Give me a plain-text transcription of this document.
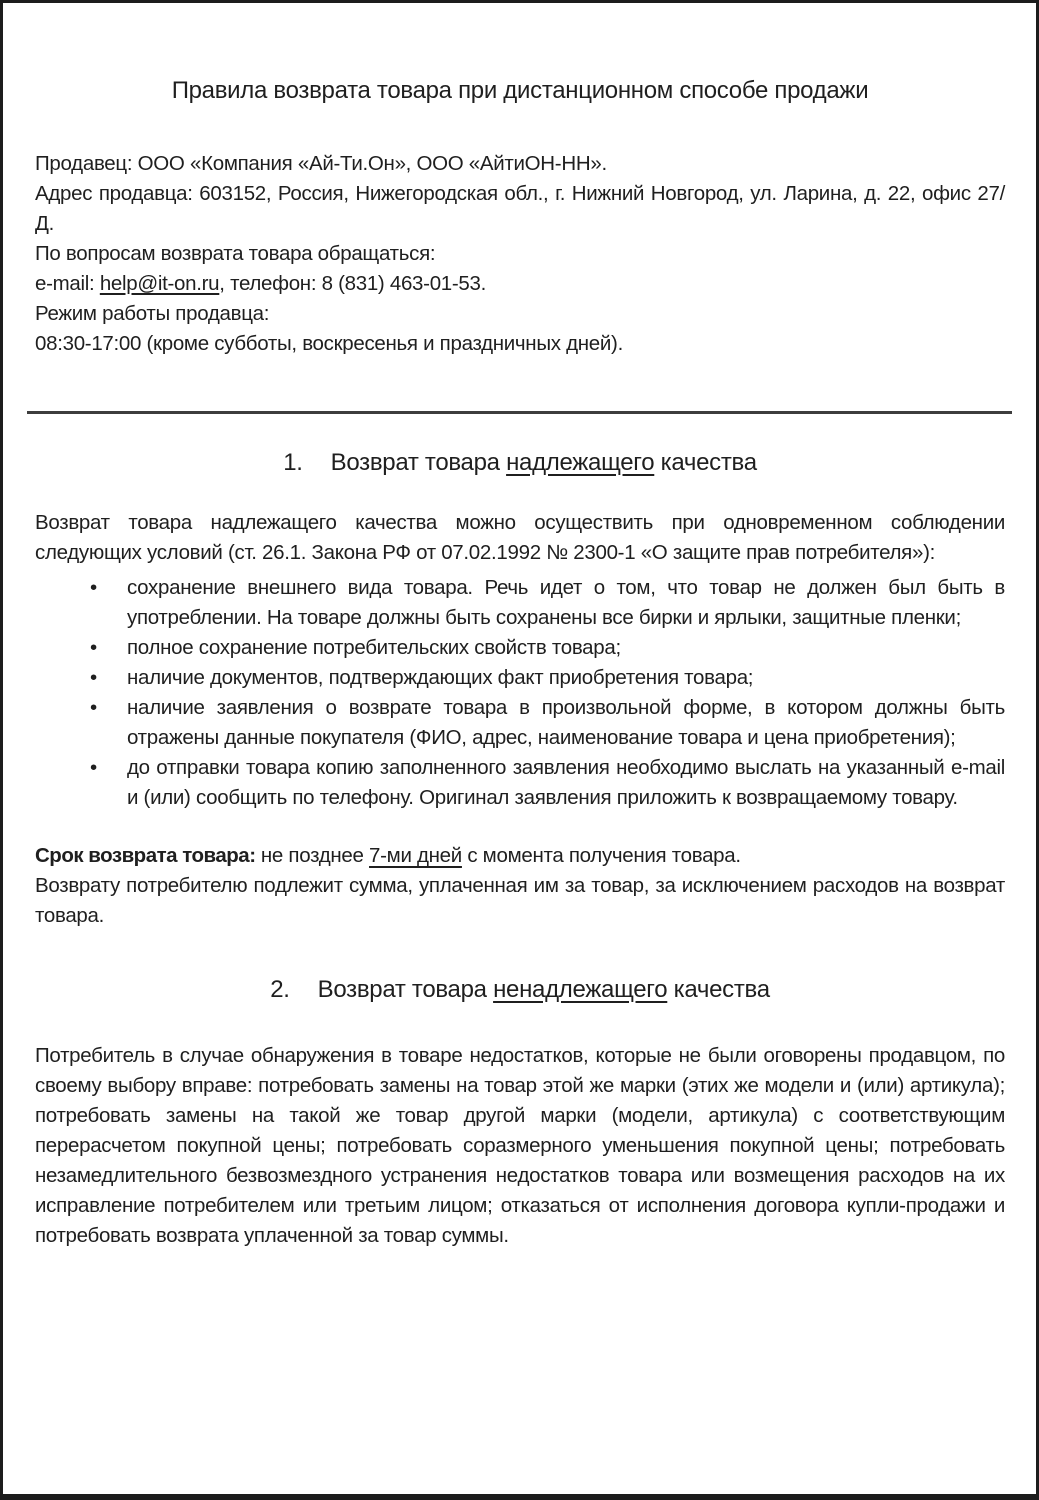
Правила возврата товара при дистанционном способе продажи

Продавец: ООО «Компания «Ай-Ти.Он», ООО «АйтиОН-НН».

Адрес продавца: 603152, Россия, Нижегородская обл., г. Нижний Новгород, ул. Ларина, д. 22, офис 27/Д.

По вопросам возврата товара обращаться:

e-mail: help@it-on.ru, телефон: 8 (831) 463-01-53.

Режим работы продавца:

08:30-17:00 (кроме субботы, воскресенья и праздничных дней).

1. Возврат товара надлежащего качества

Возврат товара надлежащего качества можно осуществить при одновременном соблюдении следующих условий (ст. 26.1. Закона РФ от 07.02.1992 № 2300-1 «О защите прав потребителя»):

• сохранение внешнего вида товара. Речь идет о том, что товар не должен был быть в употреблении. На товаре должны быть сохранены все бирки и ярлыки, защитные пленки;
• полное сохранение потребительских свойств товара;
• наличие документов, подтверждающих факт приобретения товара;
• наличие заявления о возврате товара в произвольной форме, в котором должны быть отражены данные покупателя (ФИО, адрес, наименование товара и цена приобретения);
• до отправки товара копию заполненного заявления необходимо выслать на указанный e-mail и (или) сообщить по телефону. Оригинал заявления приложить к возвращаемому товару.

Срок возврата товара: не позднее 7-ми дней с момента получения товара.

Возврату потребителю подлежит сумма, уплаченная им за товар, за исключением расходов на возврат товара.

2. Возврат товара ненадлежащего качества

Потребитель в случае обнаружения в товаре недостатков, которые не были оговорены продавцом, по своему выбору вправе: потребовать замены на товар этой же марки (этих же модели и (или) артикула); потребовать замены на такой же товар другой марки (модели, артикула) с соответствующим перерасчетом покупной цены; потребовать соразмерного уменьшения покупной цены; потребовать незамедлительного безвозмездного устранения недостатков товара или возмещения расходов на их исправление потребителем или третьим лицом; отказаться от исполнения договора купли-продажи и потребовать возврата уплаченной за товар суммы.
